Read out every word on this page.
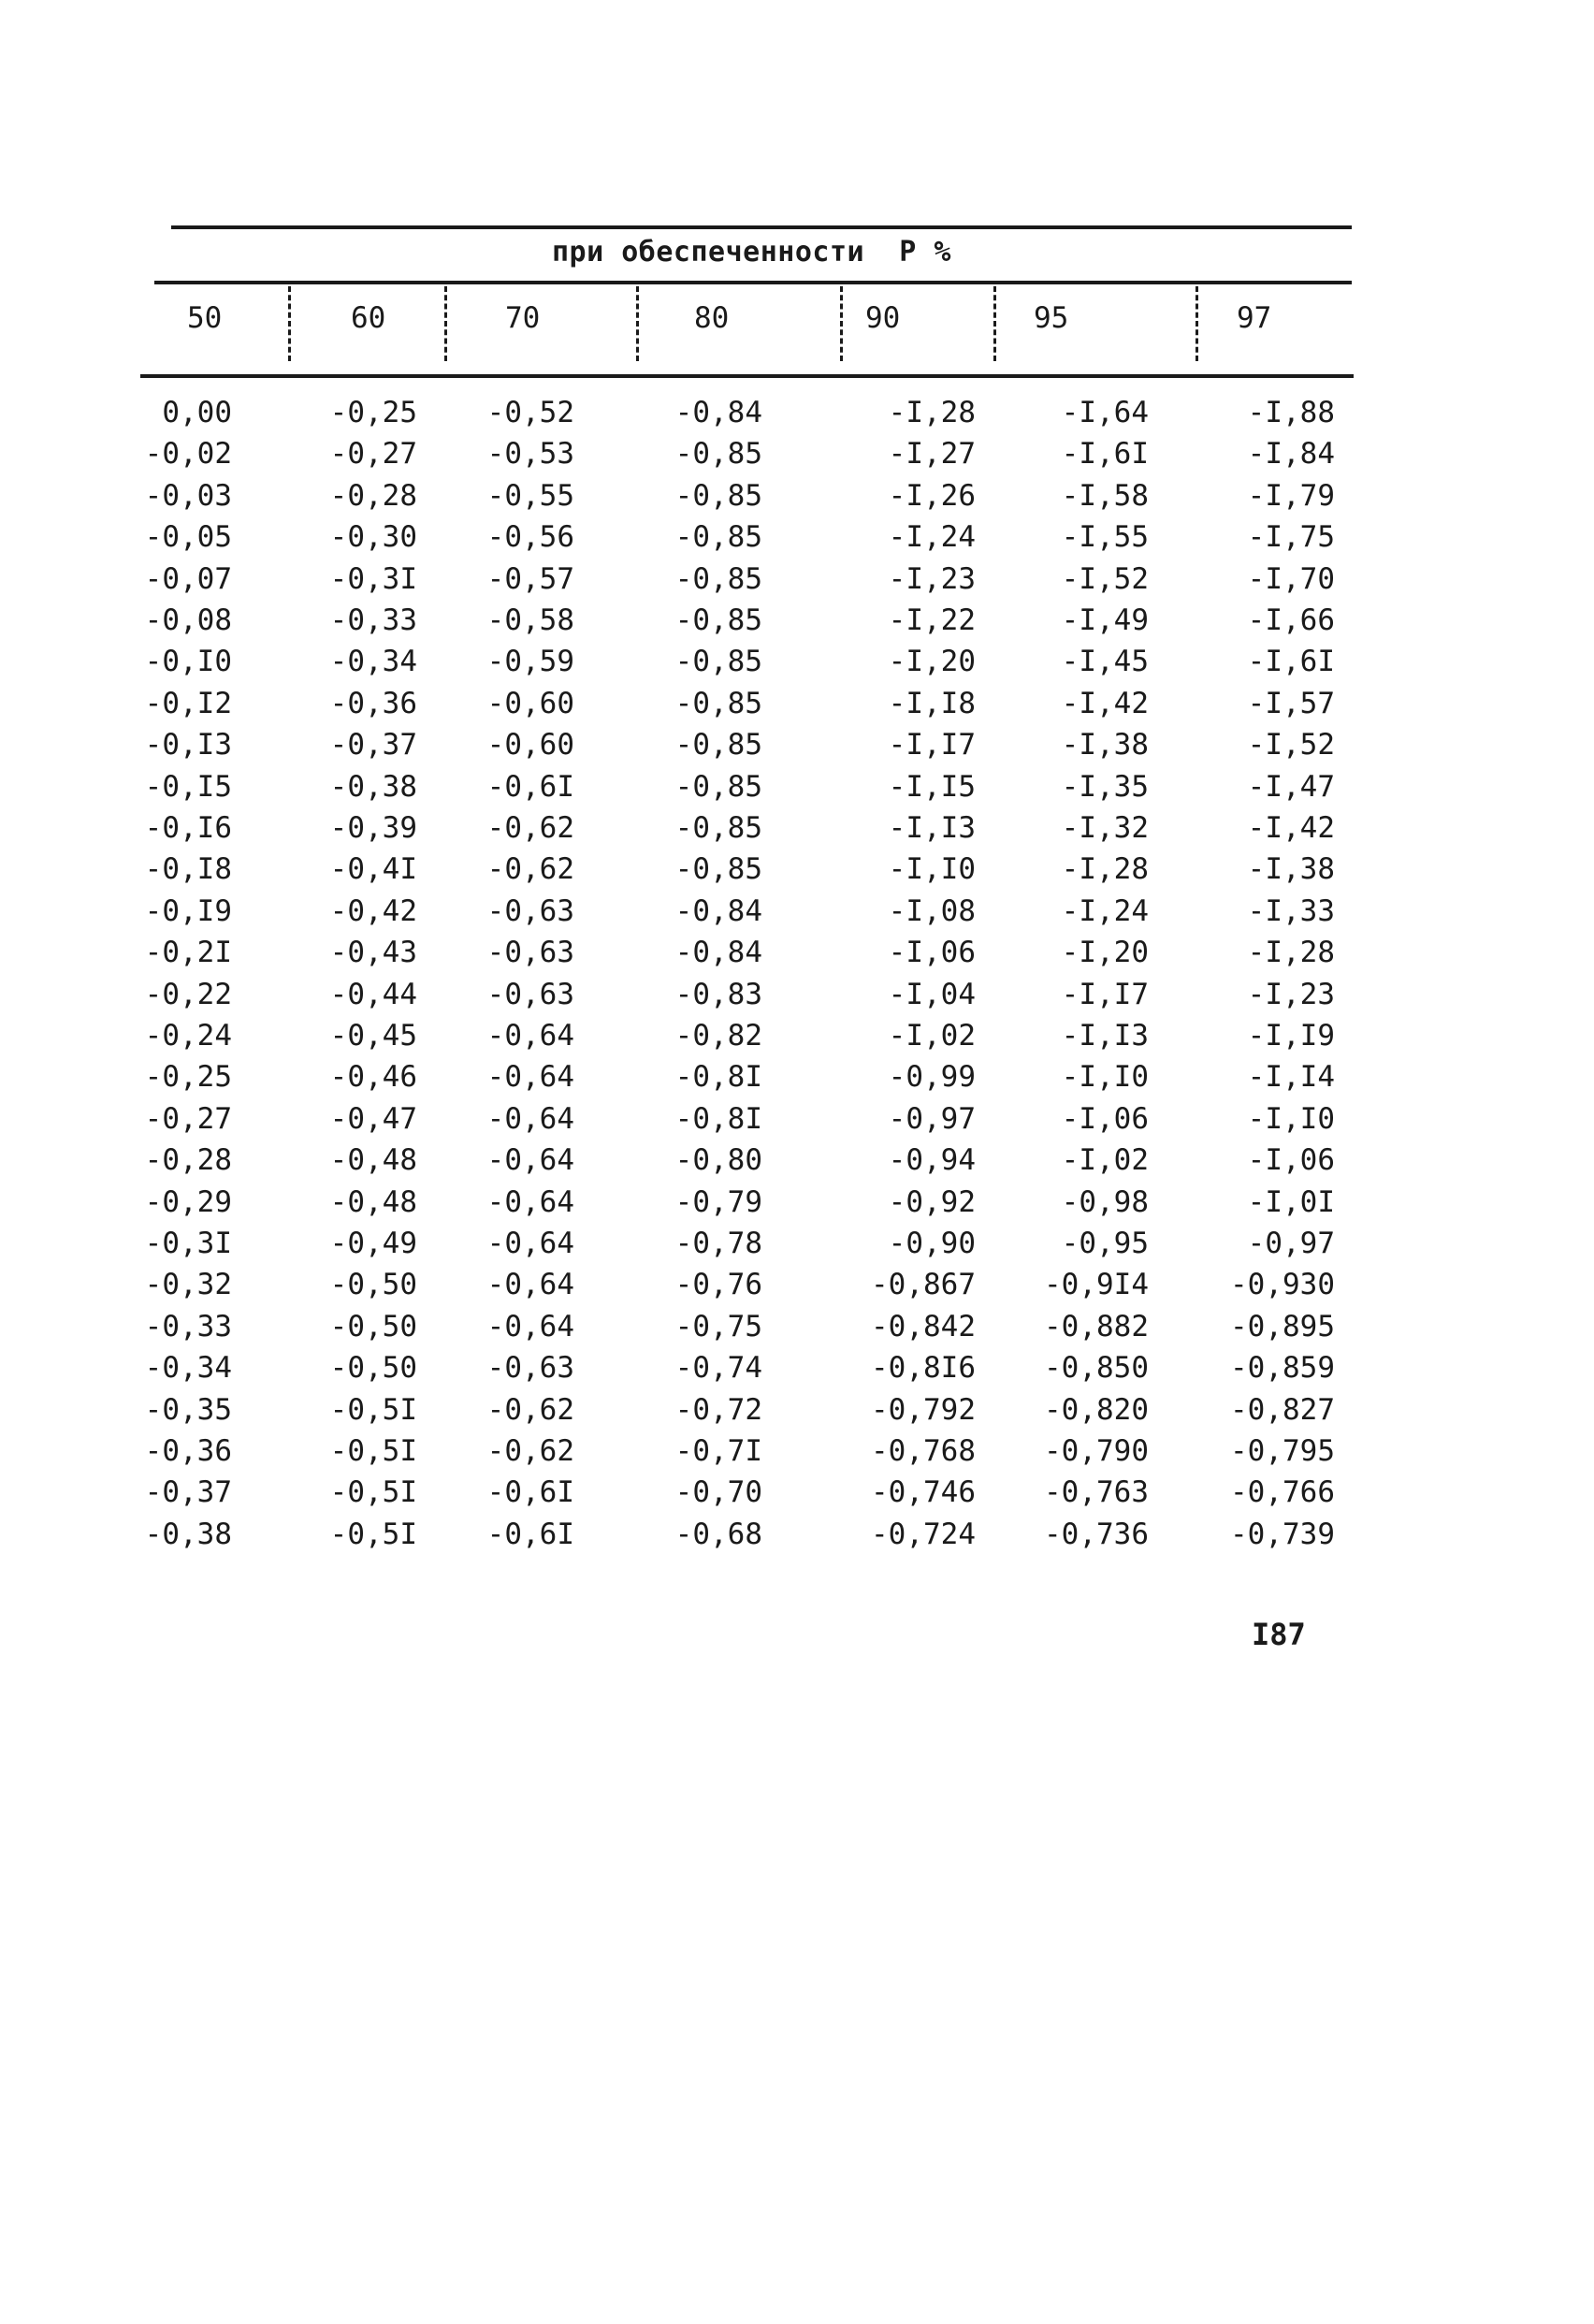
при обеспеченности  Р %
50	60	70	80	90	95	97
0,00	-0,25 -0,52	-0,84	-I,28	-I,64	-I,88
-0,02	-0,27 -0,53	-0,85	-I,27	-I,6I	-I,84
-0,03	-0,28 -0,55	-0,85	-I,26	-I,58	-I,79
-0,05	-0,30 -0,56	-0,85	-I,24	-I,55	-I,75
-0,07	-0,3I -0,57	-0,85	-I,23	-I,52	-I,70
-0,08	-0,33 -0,58	-0,85	-I,22	-I,49	-I,66
-0,I0	-0,34 -0,59	-0,85	-I,20	-I,45	-I,6I
-0,I2	-0,36 -0,60	-0,85	-I,I8	-I,42	-I,57
-0,I3	-0,37 -0,60	-0,85	-I,I7	-I,38	-I,52
-0,I5	-0,38 -0,6I	-0,85	-I,I5	-I,35	-I,47
-0,I6	-0,39 -0,62	-0,85	-I,I3	-I,32	-I,42
-0,I8	-0,4I -0,62	-0,85	-I,I0	-I,28	-I,38
-0,I9	-0,42 -0,63	-0,84	-I,08	-I,24	-I,33
-0,2I	-0,43 -0,63	-0,84	-I,06	-I,20	-I,28
-0,22	-0,44 -0,63	-0,83	-I,04	-I,I7	-I,23
-0,24	-0,45 -0,64	-0,82	-I,02	-I,I3	-I,I9
-0,25	-0,46 -0,64	-0,8I	-0,99	-I,I0	-I,I4
-0,27	-0,47 -0,64	-0,8I	-0,97	-I,06	-I,I0
-0,28	-0,48 -0,64	-0,80	-0,94	-I,02	-I,06
-0,29	-0,48 -0,64	-0,79	-0,92	-0,98	-I,0I
-0,3I	-0,49 -0,64	-0,78	-0,90	-0,95	-0,97
-0,32	-0,50 -0,64	-0,76	-0,867 -0,9I4	-0,930
-0,33	-0,50 -0,64	-0,75	-0,842 -0,882	-0,895
-0,34	-0,50 -0,63	-0,74	-0,8I6 -0,850	-0,859
-0,35	-0,5I -0,62	-0,72	-0,792 -0,820	-0,827
-0,36	-0,5I -0,62	-0,7I	-0,768 -0,790	-0,795
-0,37	-0,5I -0,6I	-0,70	-0,746 -0,763	-0,766
-0,38	-0,5I -0,6I	-0,68	-0,724 -0,736	-0,739
I87
